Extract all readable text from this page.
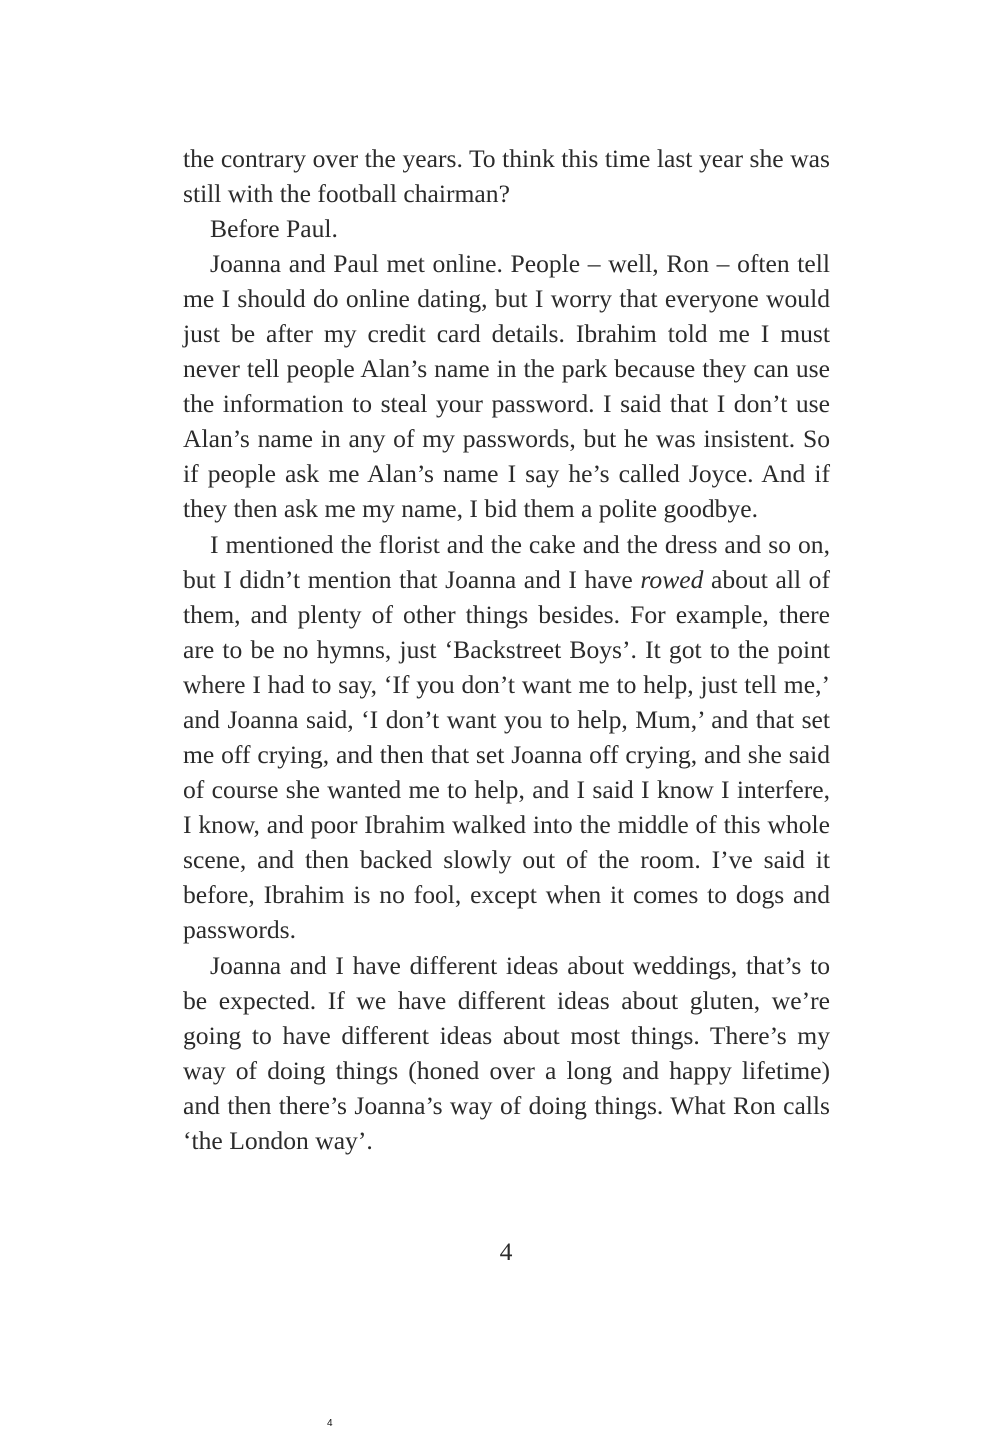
the contrary over the years. To think this time last year she was still with the football chairman?

Before Paul.

Joanna and Paul met online. People – well, Ron – often tell me I should do online dating, but I worry that everyone would just be after my credit card details. Ibrahim told me I must never tell people Alan’s name in the park because they can use the information to steal your password. I said that I don’t use Alan’s name in any of my passwords, but he was insistent. So if people ask me Alan’s name I say he’s called Joyce. And if they then ask me my name, I bid them a polite goodbye.

I mentioned the florist and the cake and the dress and so on, but I didn’t mention that Joanna and I have rowed about all of them, and plenty of other things besides. For example, there are to be no hymns, just ‘Backstreet Boys’. It got to the point where I had to say, ‘If you don’t want me to help, just tell me,’ and Joanna said, ‘I don’t want you to help, Mum,’ and that set me off crying, and then that set Joanna off crying, and she said of course she wanted me to help, and I said I know I interfere, I know, and poor Ibrahim walked into the middle of this whole scene, and then backed slowly out of the room. I’ve said it before, Ibrahim is no fool, except when it comes to dogs and passwords.

Joanna and I have different ideas about weddings, that’s to be expected. If we have different ideas about gluten, we’re going to have different ideas about most things. There’s my way of doing things (honed over a long and happy lifetime) and then there’s Joanna’s way of doing things. What Ron calls ‘the London way’.

4
4
